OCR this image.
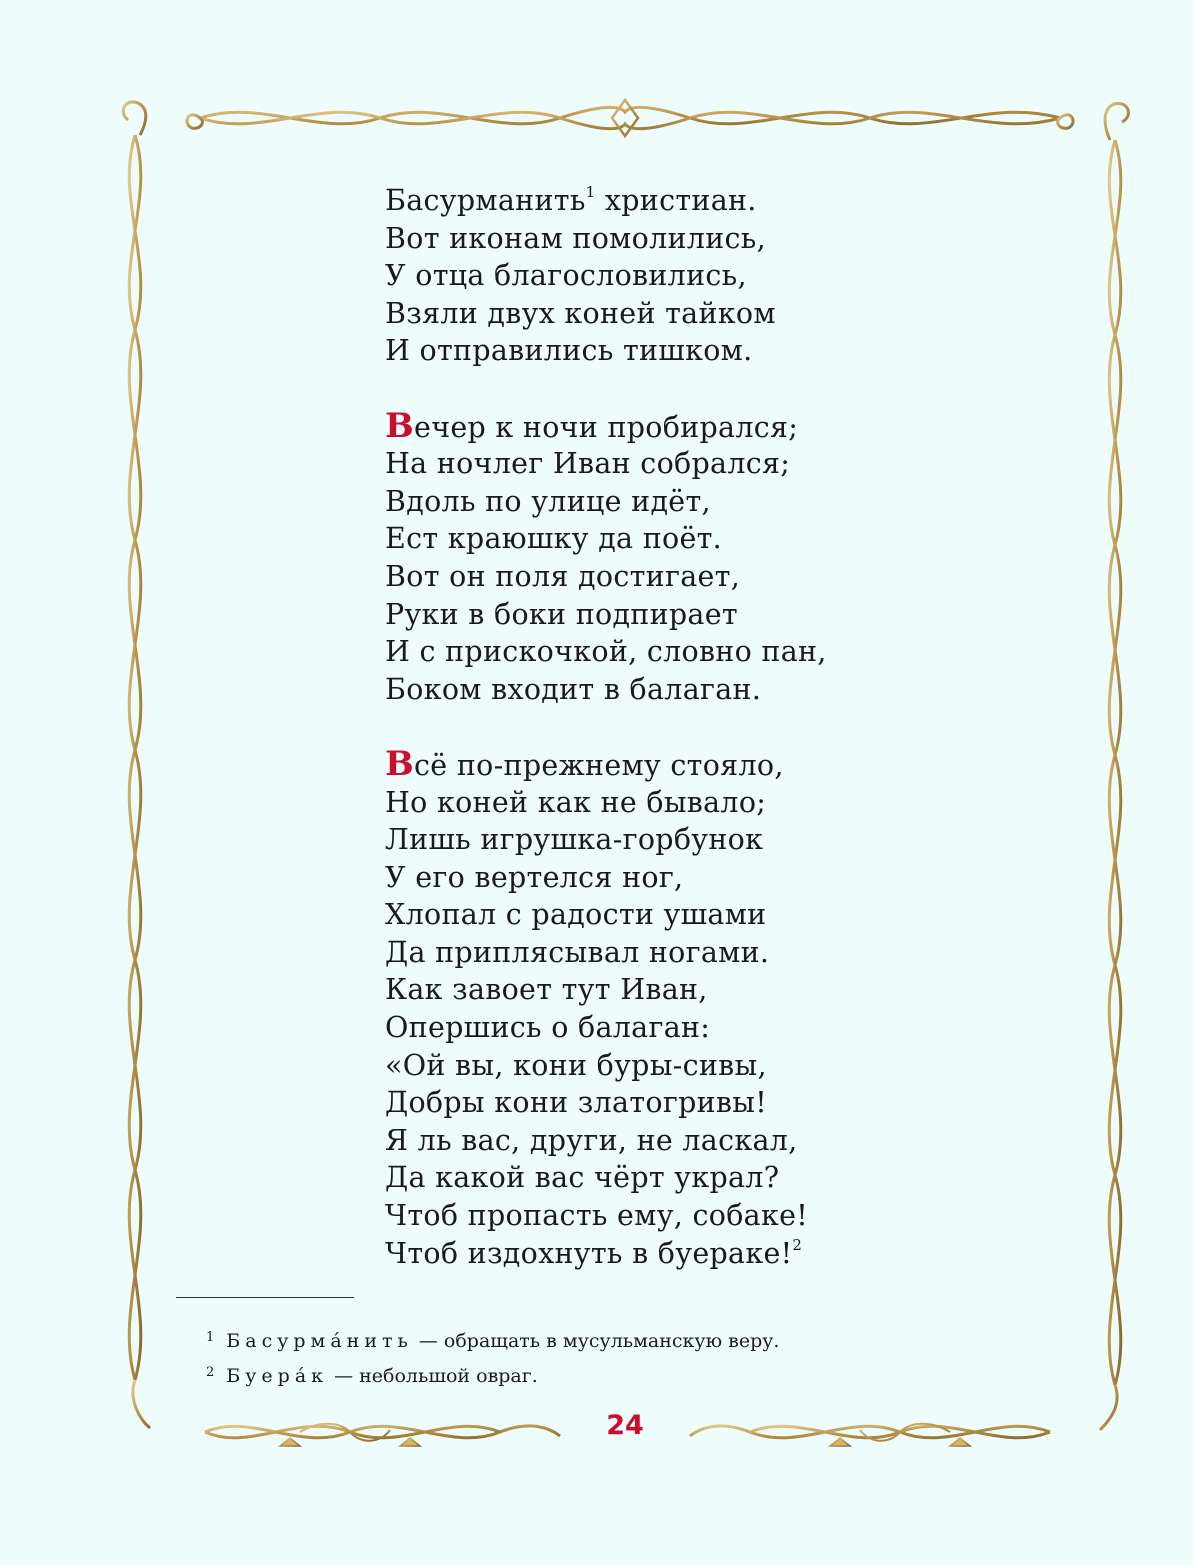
Басурманить$^1$ христиан.
Вот иконам помолились,
У отца благословились,
Взяли двух коней тайком
И отправились тишком.
Вечер к ночи пробирался;
На ночлег Иван собрался;
Вдоль по улице идёт,
Ест краюшку да поёт.
Вот он поля достигает,
Руки в боки подпирает
И с прискочкой, словно пан,
Боком входит в балаган.
Всё по-прежнему стояло,
Но коней как не бывало;
Лишь игрушка-горбунок
У его вертелся ног,
Хлопал с радости ушами
Да приплясывал ногами.
Как завоет тут Иван,
Опершись о балаган:
«Ой вы, кони буры-сивы,
Добры кони златогривы!
Я ль вас, други, не ласкал,
Да какой вас чёрт украл?
Чтоб пропасть ему, собаке!
Чтоб издохнуть в буераке!$^2$
$^1$ Басурма́нить — обращать в мусульманскую веру.
$^2$ Буера́к — небольшой овраг.
24
